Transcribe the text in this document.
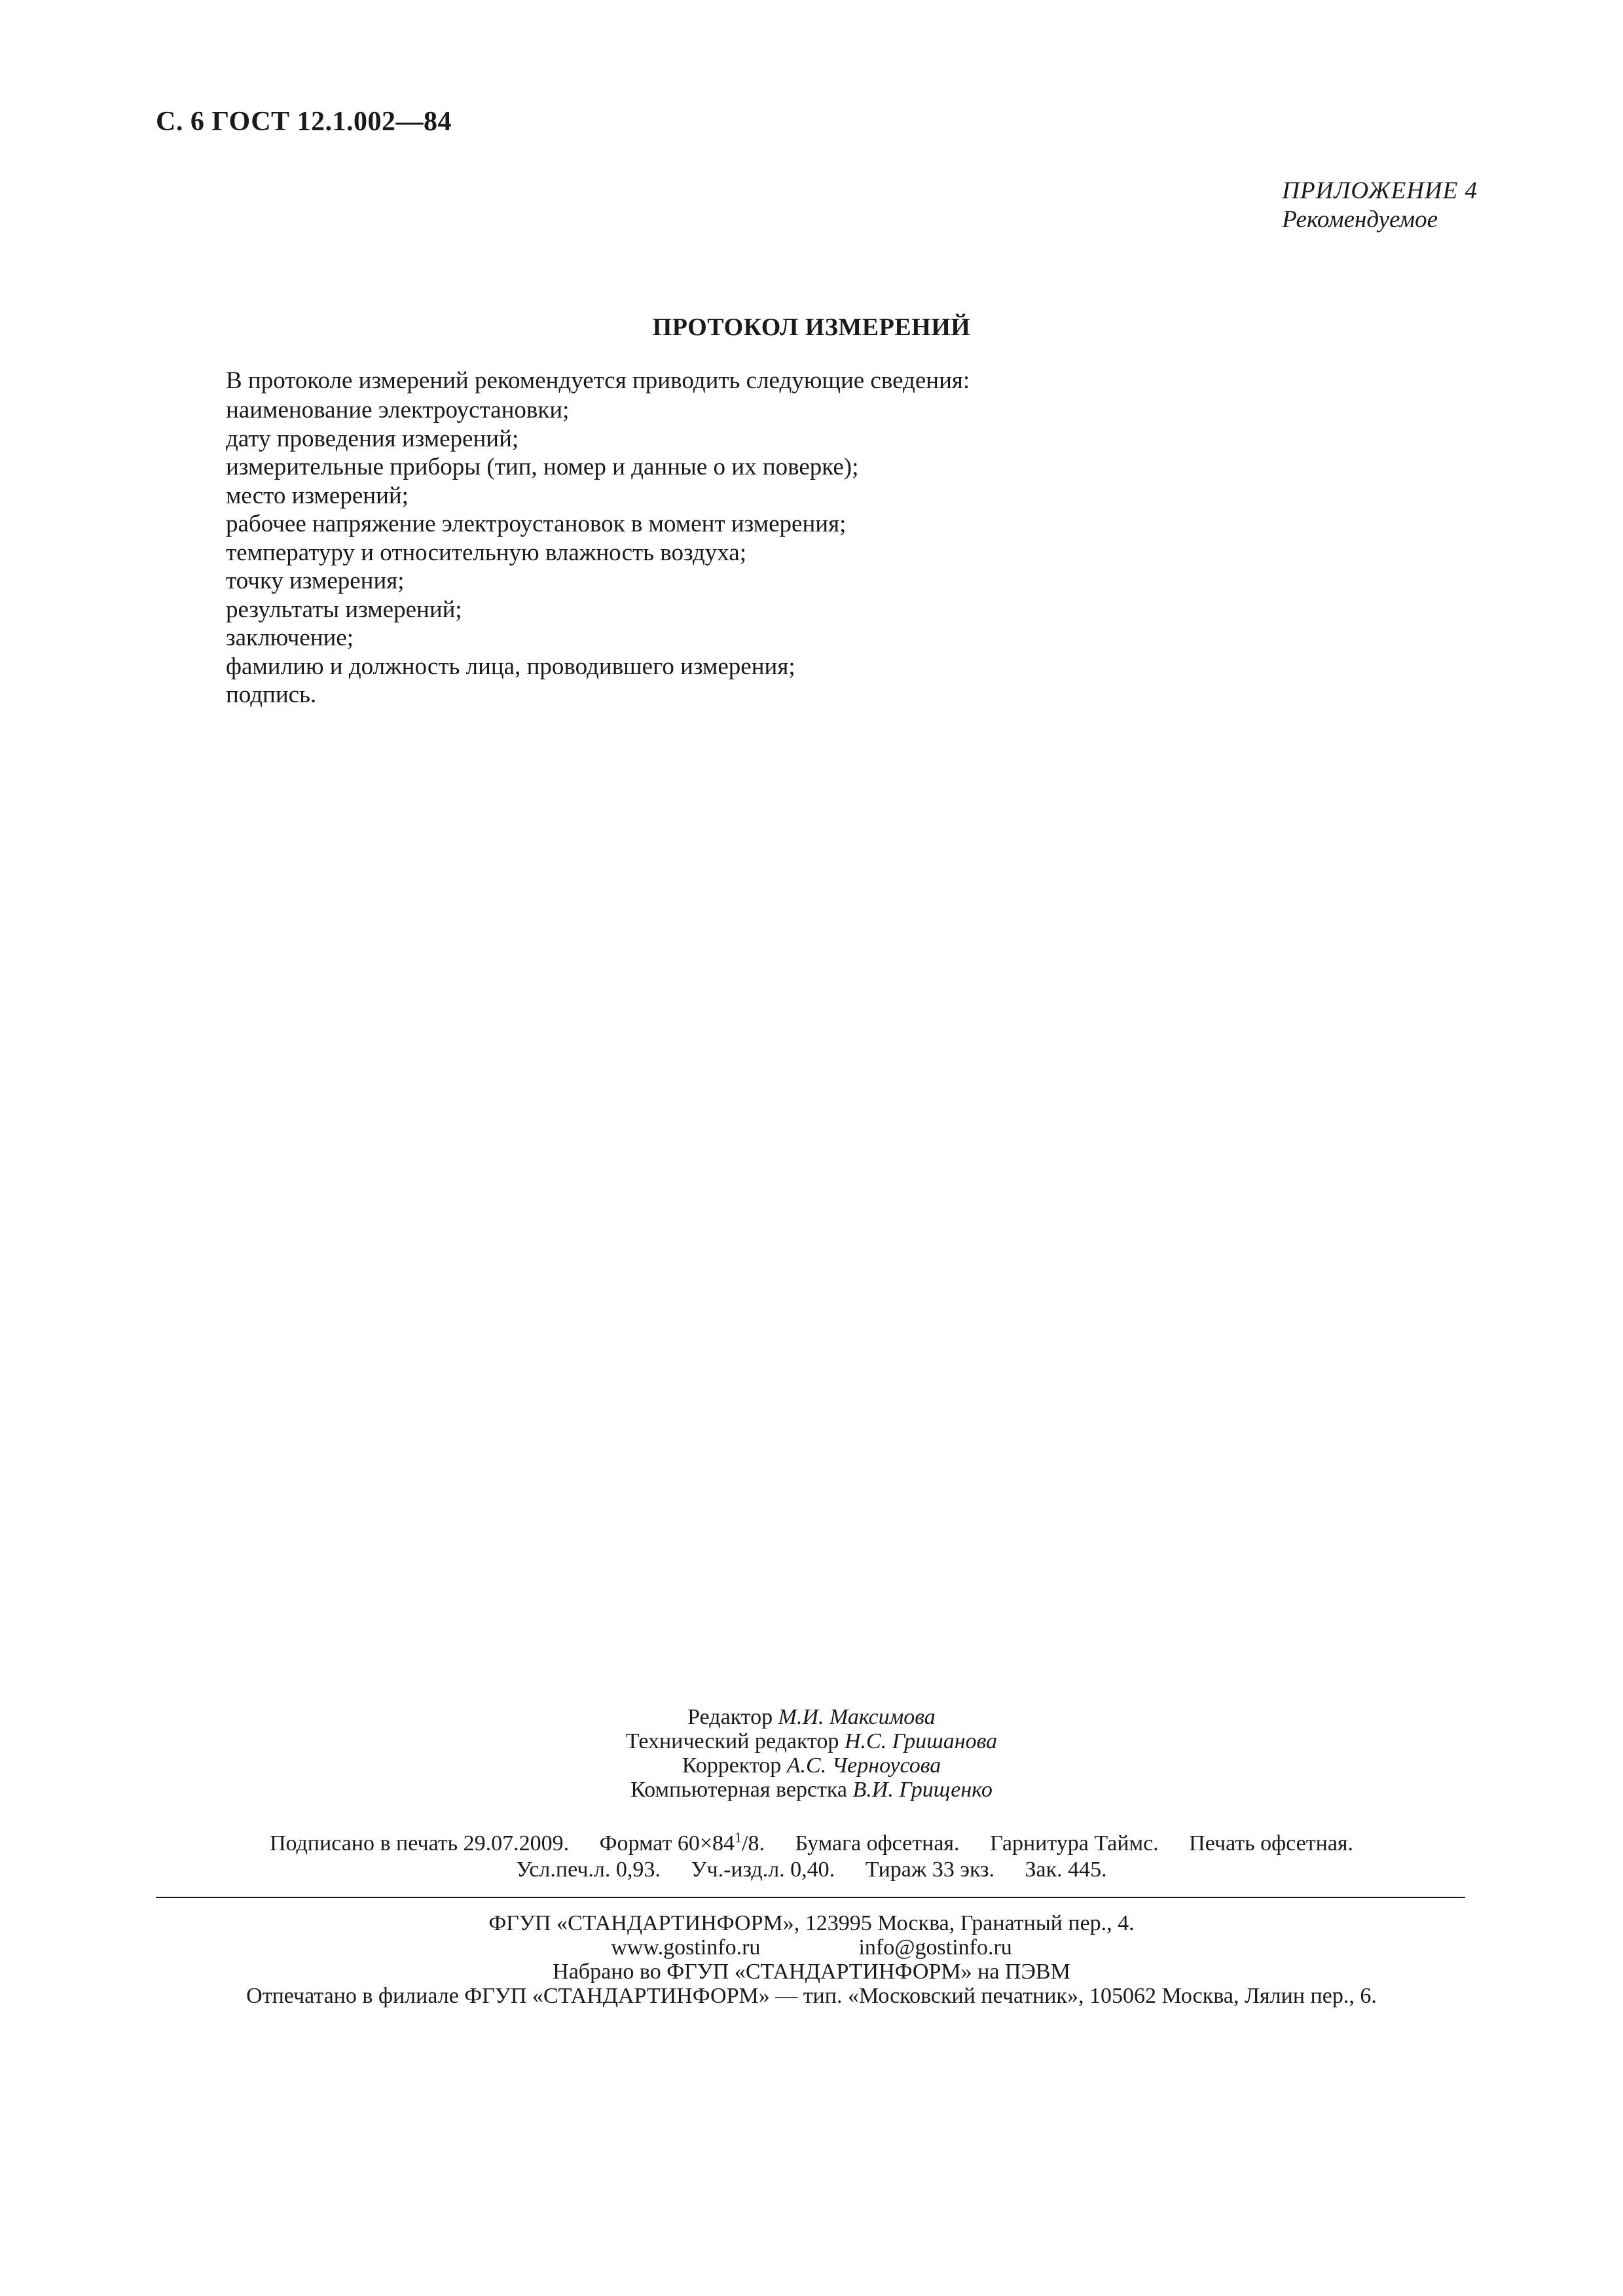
С. 6 ГОСТ 12.1.002—84
ПРИЛОЖЕНИЕ 4
Рекомендуемое
ПРОТОКОЛ ИЗМЕРЕНИЙ
В протоколе измерений рекомендуется приводить следующие сведения:
наименование электроустановки;
дату проведения измерений;
измерительные приборы (тип, номер и данные о их поверке);
место измерений;
рабочее напряжение электроустановок в момент измерения;
температуру и относительную влажность воздуха;
точку измерения;
результаты измерений;
заключение;
фамилию и должность лица, проводившего измерения;
подпись.
Редактор М.И. Максимова
Технический редактор Н.С. Гришанова
Корректор А.С. Черноусова
Компьютерная верстка В.И. Грищенко
Подписано в печать 29.07.2009. Формат $60\times 84^1/8$. Бумага офсетная. Гарнитура Таймс. Печать офсетная.
Усл.печ.л. 0,93. Уч.-изд.л. 0,40. Тираж 33 экз. Зак. 445.
ФГУП «СТАНДАРТИНФОРМ», 123995 Москва, Гранатный пер., 4.
www.gostinfo.ru	info@gostinfo.ru
Набрано во ФГУП «СТАНДАРТИНФОРМ» на ПЭВМ
Отпечатано в филиале ФГУП «СТАНДАРТИНФОРМ» — тип. «Московский печатник», 105062 Москва, Лялин пер., 6.
